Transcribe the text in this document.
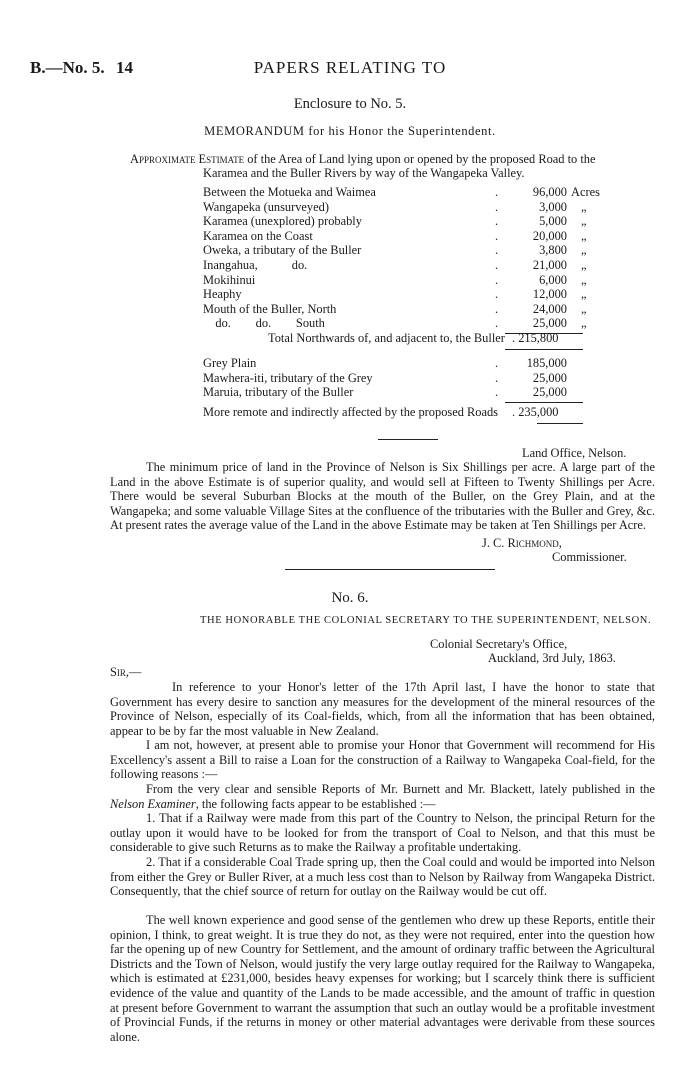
B.—No. 5. 14	PAPERS RELATING TO
Enclosure to No. 5.
MEMORANDUM for his Honor the Superintendent.
Approximate Estimate of the Area of Land lying upon or opened by the proposed Road to the
Karamea and the Buller Rivers by way of the Wangapeka Valley.
Between the Motueka and Waimea	.	96,000 Acres
Wangapeka (unsurveyed)	.	3,000 „
Karamea (unexplored) probably	.	5,000 „
Karamea on the Coast	.	20,000 „
Oweka, a tributary of the Buller	.	3,800 „
Inangahua,           do.	.	21,000 „
Mokihinui	.	6,000 „
Heaphy	.	12,000 „
Mouth of the Buller, North	.	24,000 „
do.        do.        South	.	25,000 „
Total Northwards of, and adjacent to, the Buller . 215,800
Grey Plain	.	185,000
Mawhera-iti, tributary of the Grey	.	25,000
Maruia, tributary of the Buller	.	25,000
More remote and indirectly affected by the proposed Roads . 235,000
Land Office, Nelson.
The minimum price of land in the Province of Nelson is Six Shillings per acre. A large part of the Land in the above Estimate is of superior quality, and would sell at Fifteen to Twenty Shillings per Acre. There would be several Suburban Blocks at the mouth of the Buller, on the Grey Plain, and at the Wangapeka; and some valuable Village Sites at the confluence of the tributaries with the Buller and Grey, &c. At present rates the average value of the Land in the above Estimate may be taken at Ten Shillings per Acre.
J. C. Richmond,
Commissioner.
No. 6.
THE HONORABLE THE COLONIAL SECRETARY TO THE SUPERINTENDENT, NELSON.
Colonial Secretary's Office,
Auckland, 3rd July, 1863.
Sir,—
In reference to your Honor's letter of the 17th April last, I have the honor to state that Government has every desire to sanction any measures for the development of the mineral resources of the Province of Nelson, especially of its Coal-fields, which, from all the information that has been obtained, appear to be by far the most valuable in New Zealand.
I am not, however, at present able to promise your Honor that Government will recommend for His Excellency's assent a Bill to raise a Loan for the construction of a Railway to Wangapeka Coal-field, for the following reasons :—
From the very clear and sensible Reports of Mr. Burnett and Mr. Blackett, lately published in the Nelson Examiner, the following facts appear to be established :—
1. That if a Railway were made from this part of the Country to Nelson, the principal Return for the outlay upon it would have to be looked for from the transport of Coal to Nelson, and that this must be considerable to give such Returns as to make the Railway a profitable undertaking.
2. That if a considerable Coal Trade spring up, then the Coal could and would be imported into Nelson from either the Grey or Buller River, at a much less cost than to Nelson by Railway from Wangapeka District. Consequently, that the chief source of return for outlay on the Railway would be cut off.
The well known experience and good sense of the gentlemen who drew up these Reports, entitle their opinion, I think, to great weight. It is true they do not, as they were not required, enter into the question how far the opening up of new Country for Settlement, and the amount of ordinary traffic between the Agricultural Districts and the Town of Nelson, would justify the very large outlay required for the Railway to Wangapeka, which is estimated at £231,000, besides heavy expenses for working; but I scarcely think there is sufficient evidence of the value and quantity of the Lands to be made accessible, and the amount of traffic in question at present before Government to warrant the assumption that such an outlay would be a profitable investment of Provincial Funds, if the returns in money or other material advantages were derivable from these sources alone.
